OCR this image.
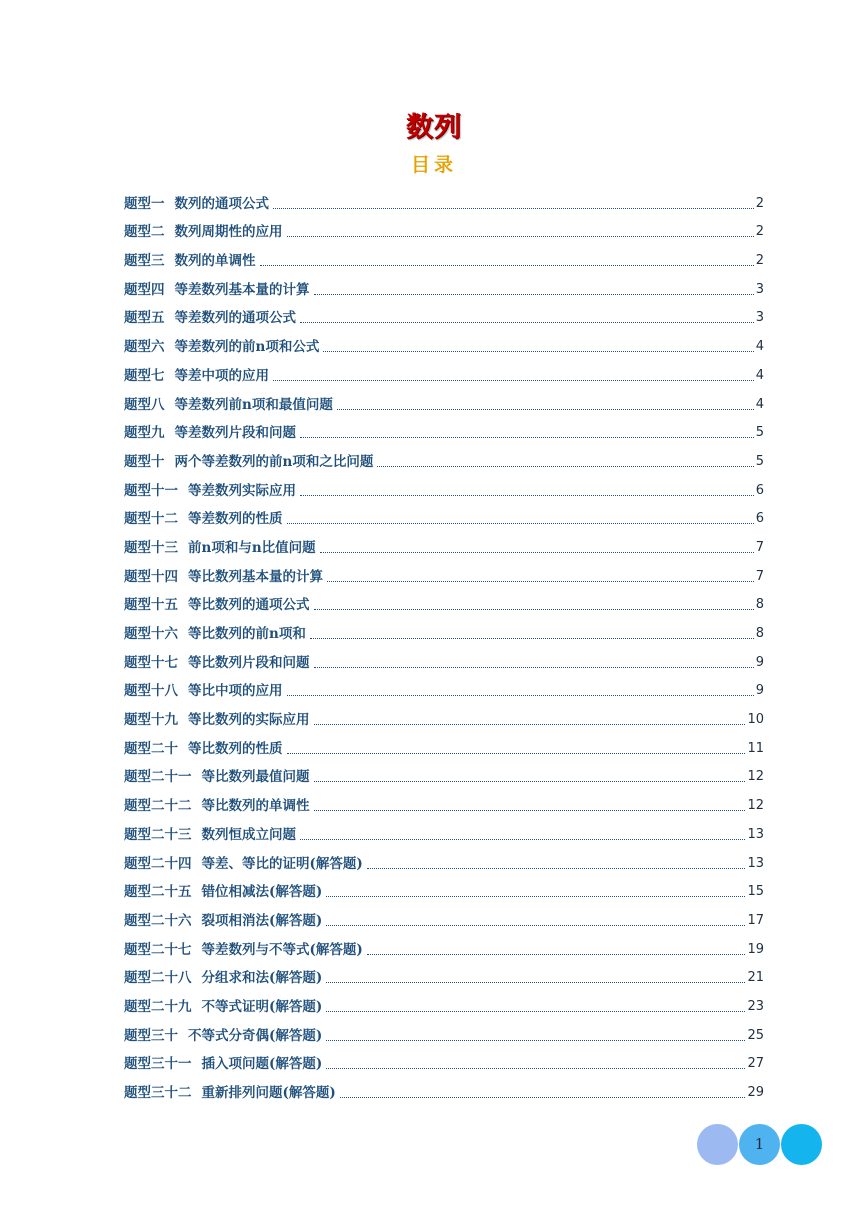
数列
目录
题型一 数列的通项公式	2
题型二 数列周期性的应用	2
题型三 数列的单调性	2
题型四 等差数列基本量的计算	3
题型五 等差数列的通项公式	3
题型六 等差数列的前n项和公式	4
题型七 等差中项的应用	4
题型八 等差数列前n项和最值问题	4
题型九 等差数列片段和问题	5
题型十 两个等差数列的前n项和之比问题	5
题型十一 等差数列实际应用	6
题型十二 等差数列的性质	6
题型十三 前n项和与n比值问题	7
题型十四 等比数列基本量的计算	7
题型十五 等比数列的通项公式	8
题型十六 等比数列的前n项和	8
题型十七 等比数列片段和问题	9
题型十八 等比中项的应用	9
题型十九 等比数列的实际应用	10
题型二十 等比数列的性质	11
题型二十一 等比数列最值问题	12
题型二十二 等比数列的单调性	12
题型二十三 数列恒成立问题	13
题型二十四 等差、等比的证明(解答题)	13
题型二十五 错位相减法(解答题)	15
题型二十六 裂项相消法(解答题)	17
题型二十七 等差数列与不等式(解答题)	19
题型二十八 分组求和法(解答题)	21
题型二十九 不等式证明(解答题)	23
题型三十 不等式分奇偶(解答题)	25
题型三十一 插入项问题(解答题)	27
题型三十二 重新排列问题(解答题)	29
1
